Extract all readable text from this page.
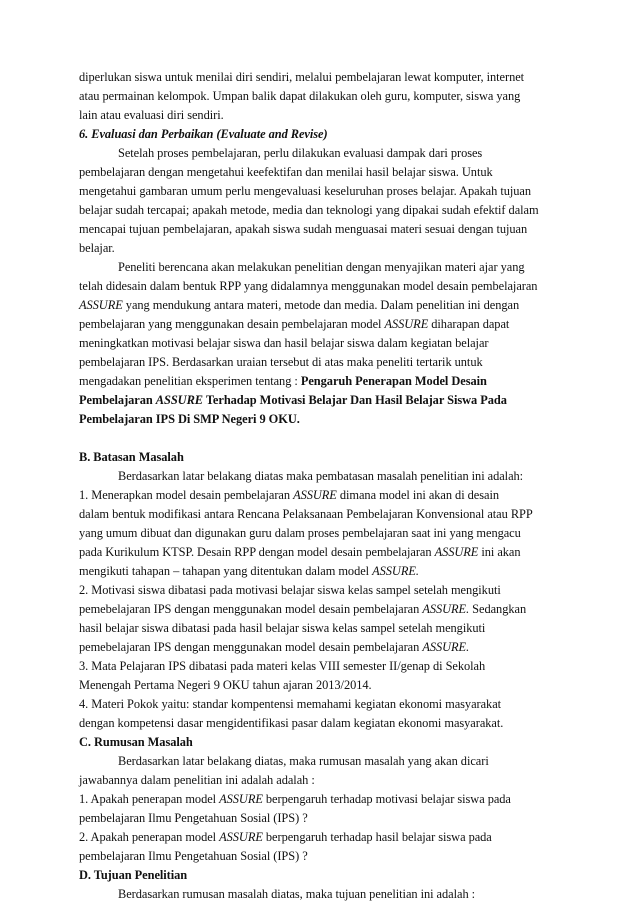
diperlukan siswa untuk menilai diri sendiri, melalui pembelajaran lewat komputer, internet
atau permainan kelompok. Umpan balik dapat dilakukan oleh guru, komputer, siswa yang
lain atau evaluasi diri sendiri.
6. Evaluasi dan Perbaikan (Evaluate and Revise)
Setelah proses pembelajaran, perlu dilakukan evaluasi dampak dari proses
pembelajaran dengan mengetahui keefektifan dan menilai hasil belajar siswa. Untuk
mengetahui gambaran umum perlu mengevaluasi keseluruhan proses belajar. Apakah tujuan
belajar sudah tercapai; apakah metode, media dan teknologi yang dipakai sudah efektif dalam
mencapai tujuan pembelajaran, apakah siswa sudah menguasai materi sesuai dengan tujuan
belajar.
Peneliti berencana akan melakukan penelitian dengan menyajikan materi ajar yang
telah didesain dalam bentuk RPP yang didalamnya menggunakan model desain pembelajaran
ASSURE yang mendukung antara materi, metode dan media. Dalam penelitian ini dengan
pembelajaran yang menggunakan desain pembelajaran model ASSURE diharapan dapat
meningkatkan motivasi belajar siswa dan hasil belajar siswa dalam kegiatan belajar
pembelajaran IPS. Berdasarkan uraian tersebut di atas maka peneliti tertarik untuk
mengadakan penelitian eksperimen tentang : Pengaruh Penerapan Model Desain
Pembelajaran ASSURE Terhadap Motivasi Belajar Dan Hasil Belajar Siswa Pada
Pembelajaran IPS Di SMP Negeri 9 OKU.
B. Batasan Masalah
Berdasarkan latar belakang diatas maka pembatasan masalah penelitian ini adalah:
1. Menerapkan model desain pembelajaran ASSURE dimana model ini akan di desain
dalam bentuk modifikasi antara Rencana Pelaksanaan Pembelajaran Konvensional atau RPP
yang umum dibuat dan digunakan guru dalam proses pembelajaran saat ini yang mengacu
pada Kurikulum KTSP. Desain RPP dengan model desain pembelajaran ASSURE ini akan
mengikuti tahapan – tahapan yang ditentukan dalam model ASSURE.
2. Motivasi siswa dibatasi pada motivasi belajar siswa kelas sampel setelah mengikuti
pemebelajaran IPS dengan menggunakan model desain pembelajaran ASSURE. Sedangkan
hasil belajar siswa dibatasi pada hasil belajar siswa kelas sampel setelah mengikuti
pemebelajaran IPS dengan menggunakan model desain pembelajaran ASSURE.
3. Mata Pelajaran IPS dibatasi pada materi kelas VIII semester II/genap di Sekolah
Menengah Pertama Negeri 9 OKU tahun ajaran 2013/2014.
4. Materi Pokok yaitu: standar kompentensi memahami kegiatan ekonomi masyarakat
dengan kompetensi dasar mengidentifikasi pasar dalam kegiatan ekonomi masyarakat.
C. Rumusan Masalah
Berdasarkan latar belakang diatas, maka rumusan masalah yang akan dicari
jawabannya dalam penelitian ini adalah adalah :
1. Apakah penerapan model ASSURE berpengaruh terhadap motivasi belajar siswa pada
pembelajaran Ilmu Pengetahuan Sosial (IPS) ?
2. Apakah penerapan model ASSURE berpengaruh terhadap hasil belajar siswa pada
pembelajaran Ilmu Pengetahuan Sosial (IPS) ?
D. Tujuan Penelitian
Berdasarkan rumusan masalah diatas, maka tujuan penelitian ini adalah :
